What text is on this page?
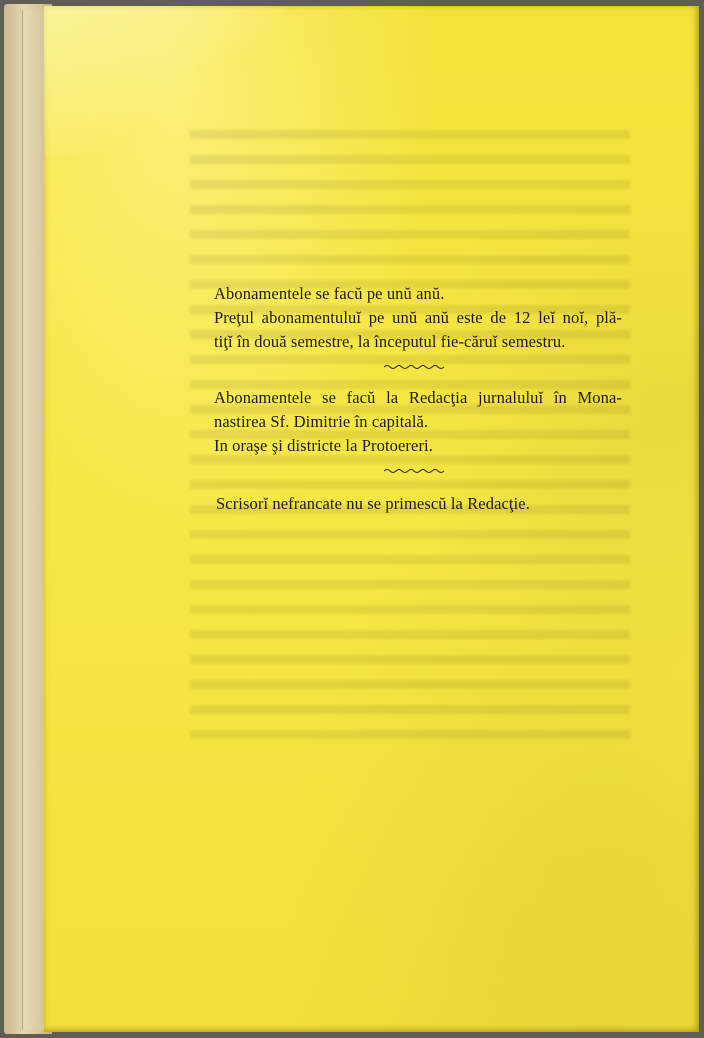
Abonamentele se facŭ pe unŭ anŭ.
Preţul abonamentuluĭ pe unŭ anŭ este de 12 leĭ noĭ, plă-
tiţĭ în două semestre, la începutul fie-căruĭ semestru.
Abonamentele se facŭ la Redacţia jurnaluluĭ în Mona-
nastirea Sf. Dimitrie în capitală.
In oraşe şi districte la Protoereri.
Scrisorĭ nefrancate nu se primescŭ la Redacţie.
